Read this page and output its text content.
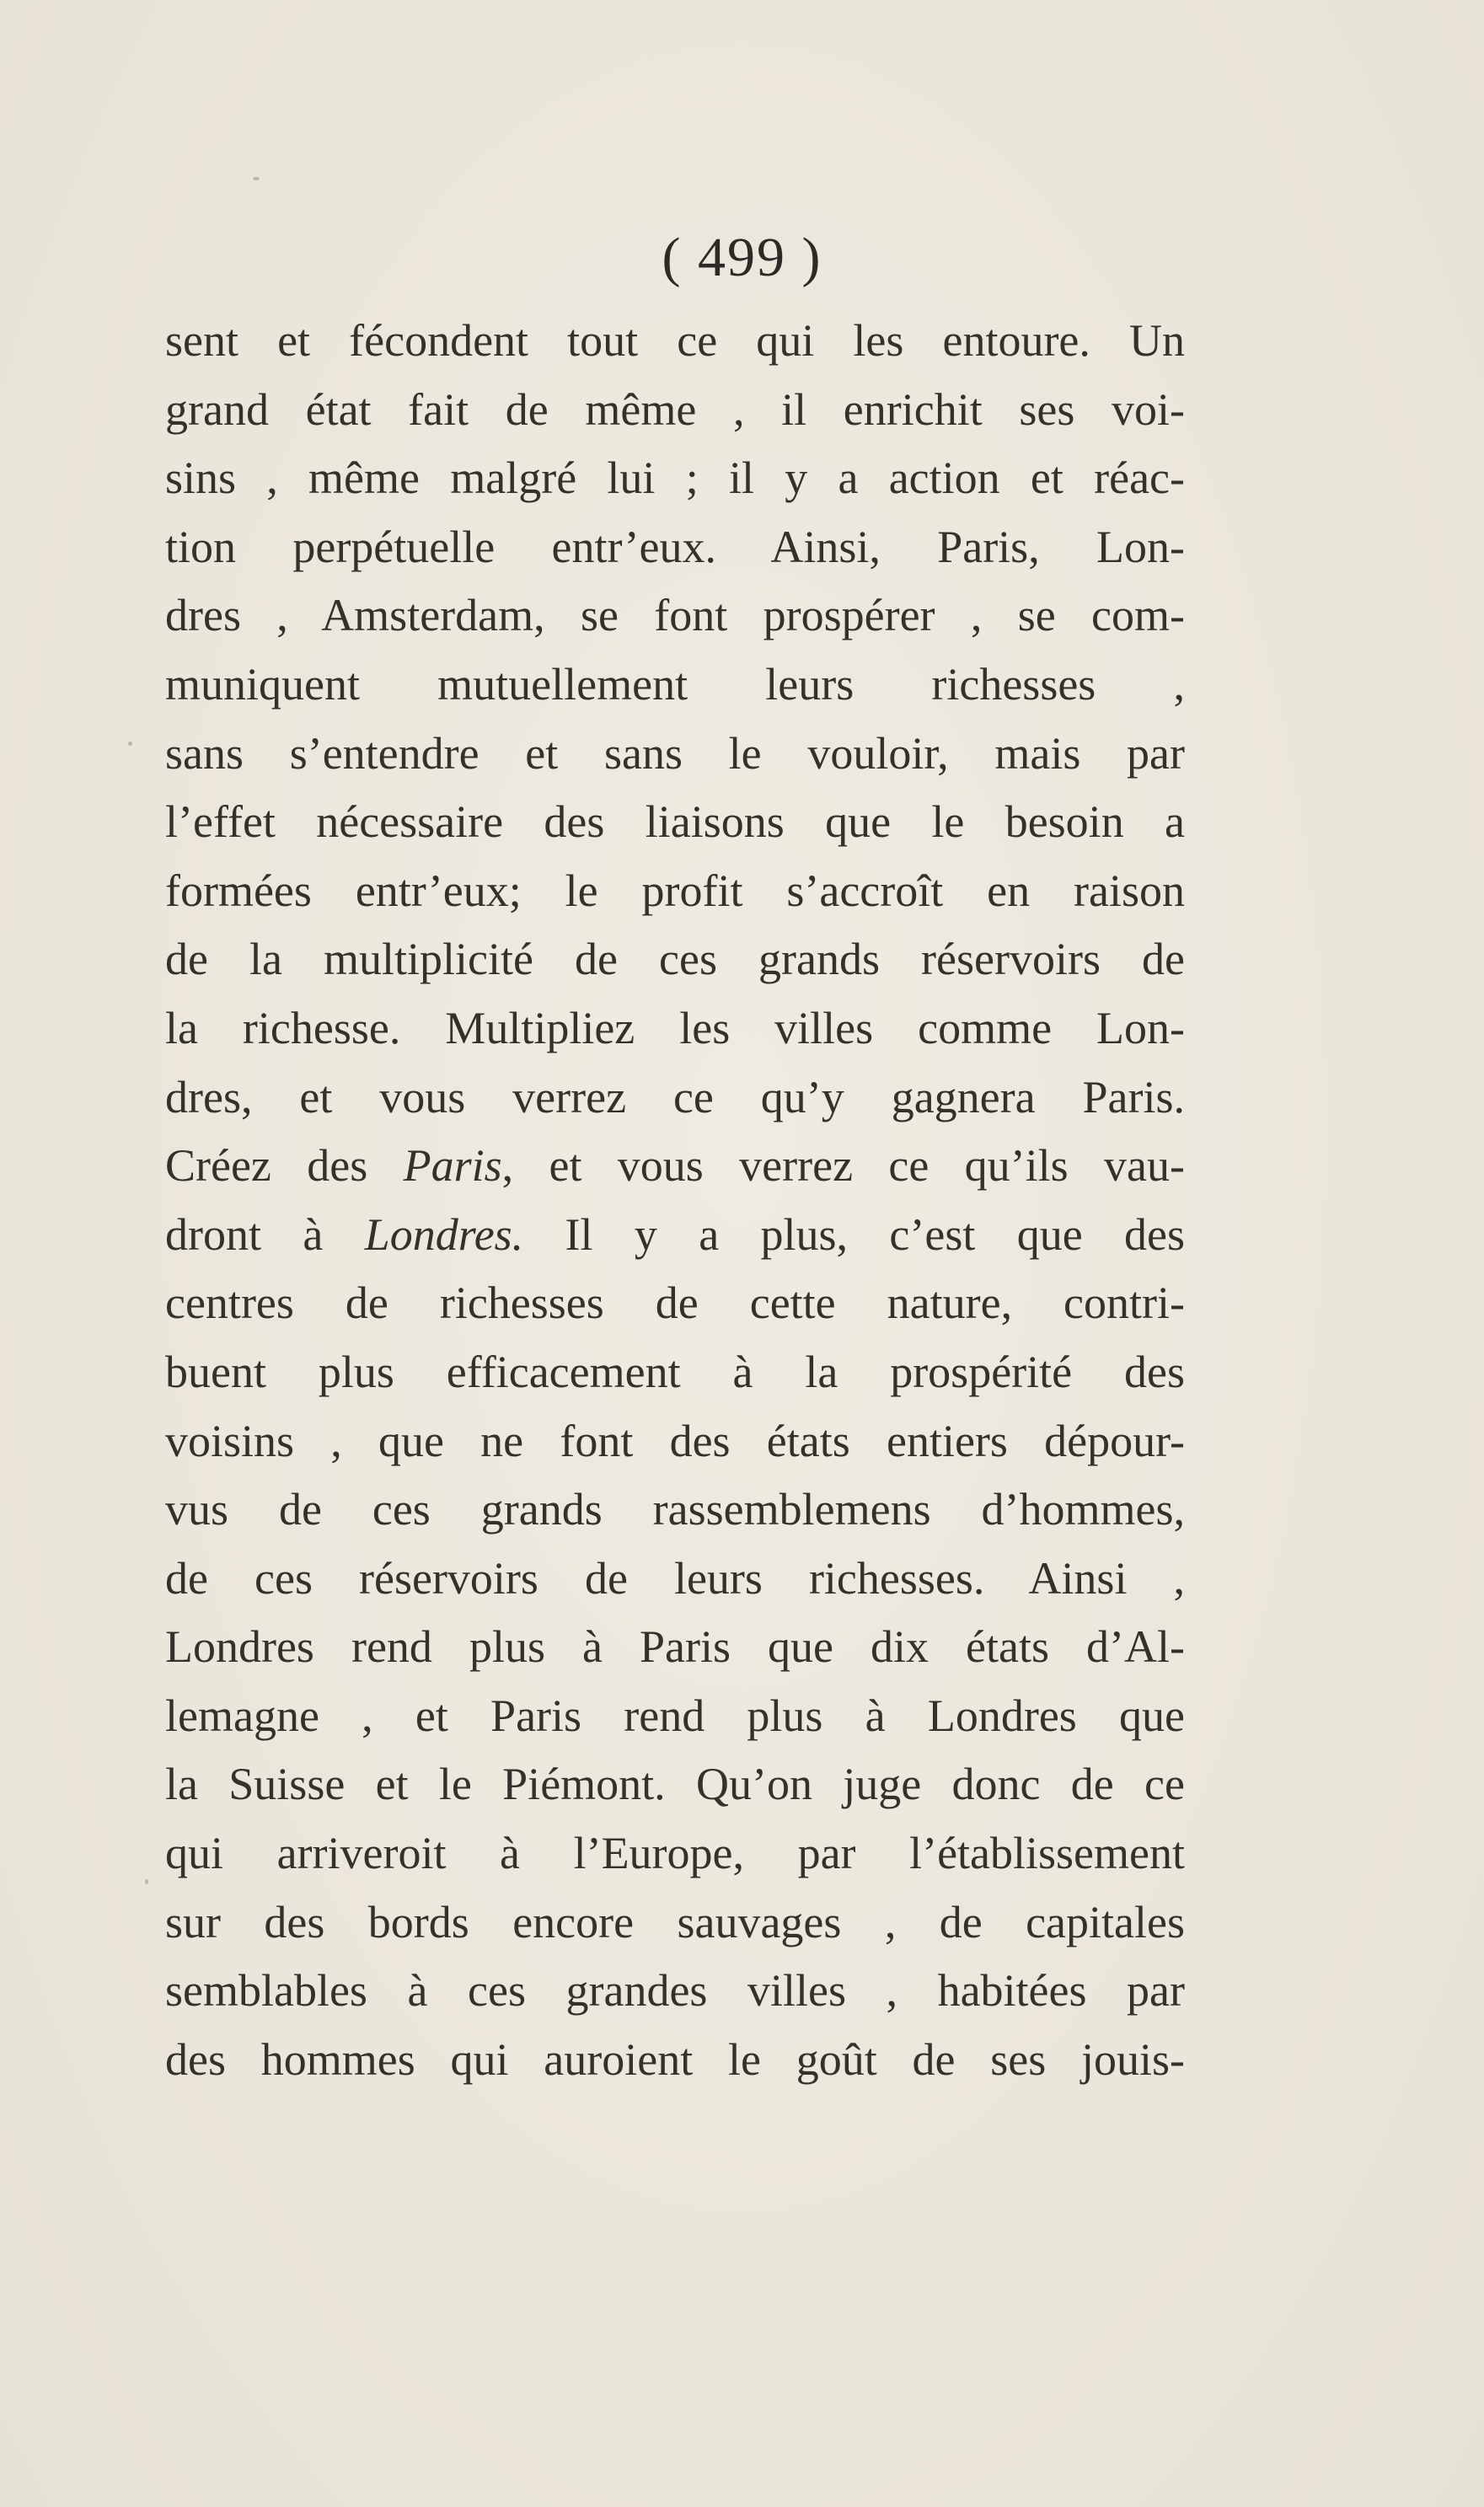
( 499 )
sent et fécondent tout ce qui les entoure. Un
grand état fait de même , il enrichit ses voi-
sins , même malgré lui ; il y a action et réac-
tion perpétuelle entr’eux. Ainsi, Paris, Lon-
dres , Amsterdam, se font prospérer , se com-
muniquent mutuellement leurs richesses ,
sans s’entendre et sans le vouloir, mais par
l’effet nécessaire des liaisons que le besoin a
formées entr’eux; le profit s’accroît en raison
de la multiplicité de ces grands réservoirs de
la richesse. Multipliez les villes comme Lon-
dres, et vous verrez ce qu’y gagnera Paris.
Créez des Paris, et vous verrez ce qu’ils vau-
dront à Londres. Il y a plus, c’est que des
centres de richesses de cette nature, contri-
buent plus efficacement à la prospérité des
voisins , que ne font des états entiers dépour-
vus de ces grands rassemblemens d’hommes,
de ces réservoirs de leurs richesses. Ainsi ,
Londres rend plus à Paris que dix états d’Al-
lemagne , et Paris rend plus à Londres que
la Suisse et le Piémont. Qu’on juge donc de ce
qui arriveroit à l’Europe, par l’établissement
sur des bords encore sauvages , de capitales
semblables à ces grandes villes , habitées par
des hommes qui auroient le goût de ses jouis-
